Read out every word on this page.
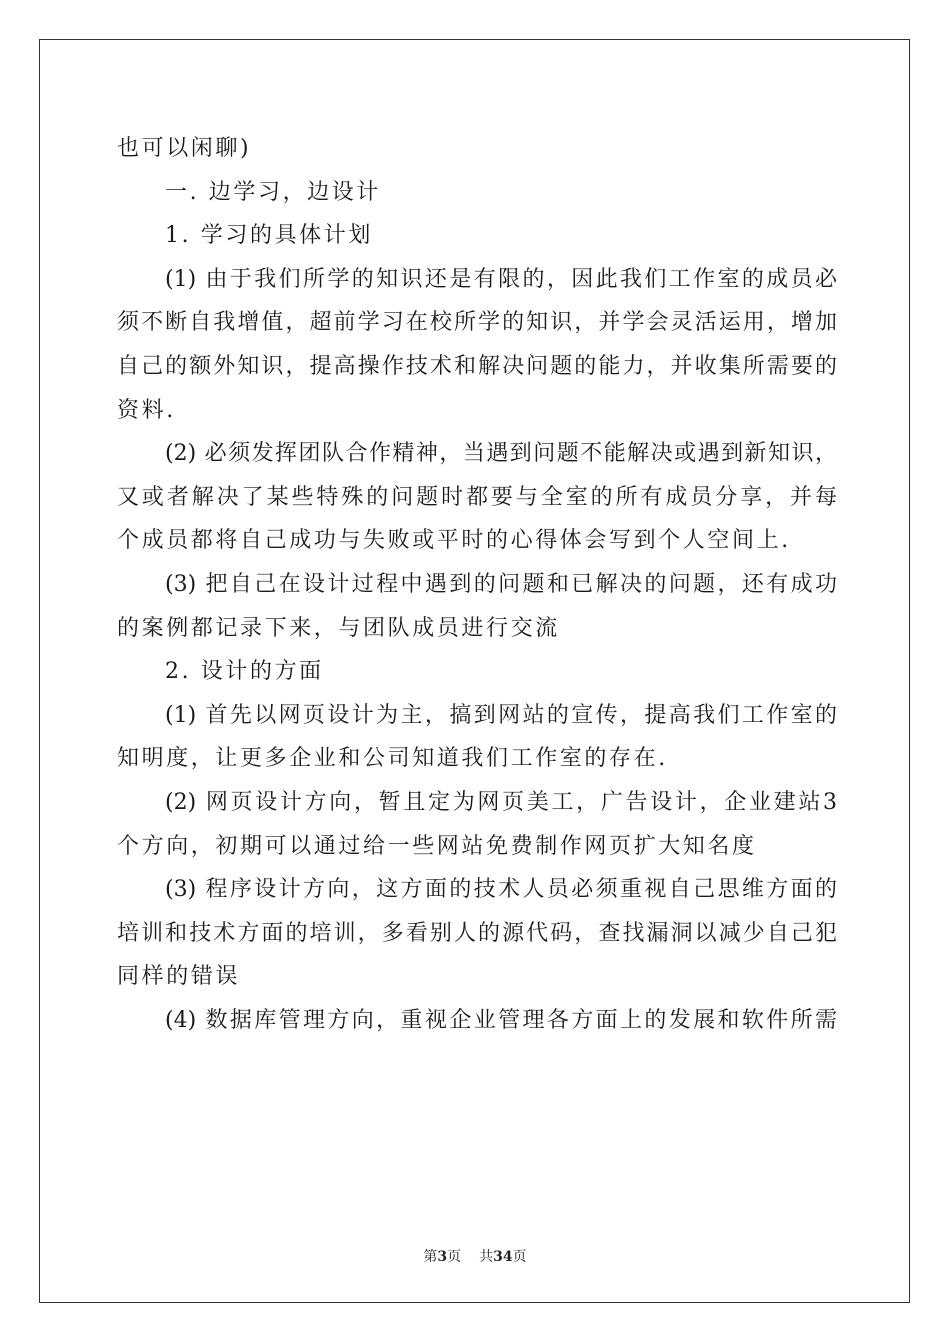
也可以闲聊)
一. 边学习，边设计
1. 学习的具体计划
(1) 由于我们所学的知识还是有限的，因此我们工作室的成员必
须不断自我增值，超前学习在校所学的知识，并学会灵活运用，增加
自己的额外知识，提高操作技术和解决问题的能力，并收集所需要的
资料.
(2) 必须发挥团队合作精神，当遇到问题不能解决或遇到新知识，
又或者解决了某些特殊的问题时都要与全室的所有成员分享，并每
个成员都将自己成功与失败或平时的心得体会写到个人空间上.
(3) 把自己在设计过程中遇到的问题和已解决的问题，还有成功
的案例都记录下来，与团队成员进行交流
2. 设计的方面
(1) 首先以网页设计为主，搞到网站的宣传，提高我们工作室的
知明度，让更多企业和公司知道我们工作室的存在.
(2) 网页设计方向，暂且定为网页美工，广告设计，企业建站3
个方向，初期可以通过给一些网站免费制作网页扩大知名度
(3) 程序设计方向，这方面的技术人员必须重视自己思维方面的
培训和技术方面的培训，多看别人的源代码，查找漏洞以减少自己犯
同样的错误
(4) 数据库管理方向，重视企业管理各方面上的发展和软件所需
第3页 共34页
